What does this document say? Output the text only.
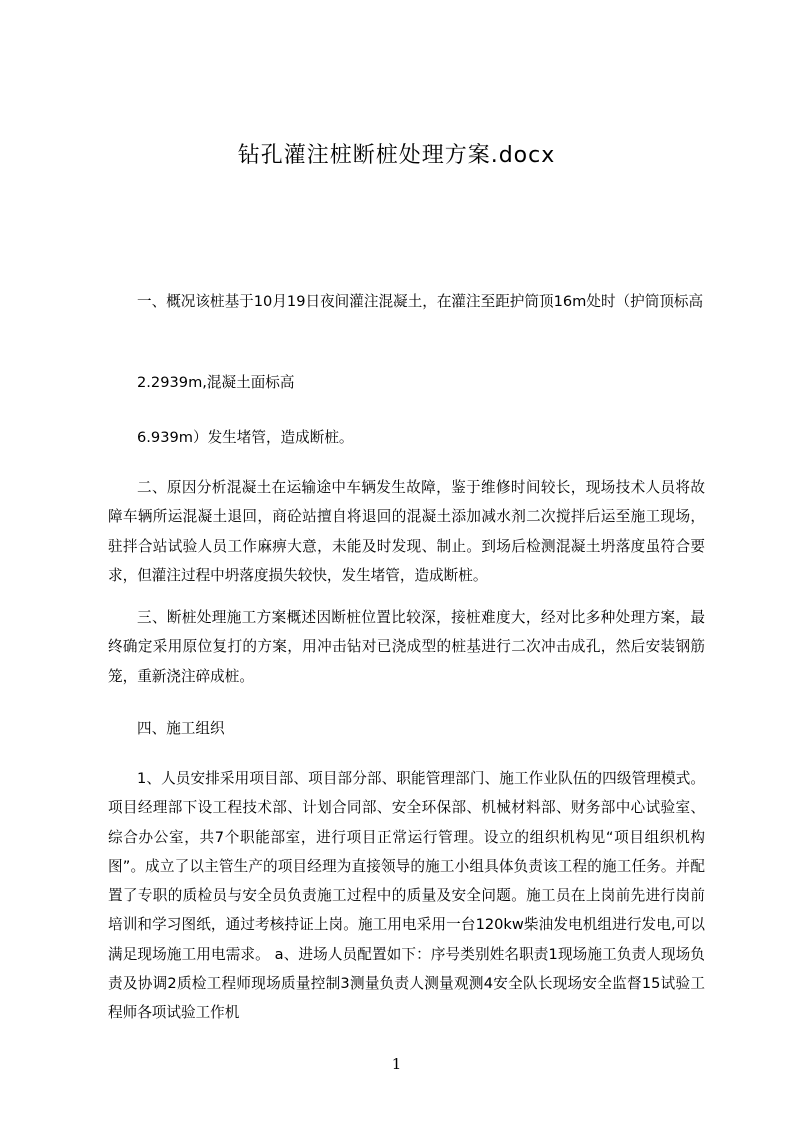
钻孔灌注桩断桩处理方案.docx
一、概况该桩基于10月19日夜间灌注混凝土，在灌注至距护筒顶16m处时（护筒顶标高
2.2939m,混凝土面标高
6.939m）发生堵管，造成断桩。
二、原因分析混凝土在运输途中车辆发生故障，鉴于维修时间较长，现场技术人员将故障车辆所运混凝土退回，商砼站擅自将退回的混凝土添加减水剂二次搅拌后运至施工现场，驻拌合站试验人员工作麻痹大意，未能及时发现、制止。到场后检测混凝土坍落度虽符合要求，但灌注过程中坍落度损失较快，发生堵管，造成断桩。
三、断桩处理施工方案概述因断桩位置比较深，接桩难度大，经对比多种处理方案，最终确定采用原位复打的方案，用冲击钻对已浇成型的桩基进行二次冲击成孔，然后安装钢筋笼，重新浇注碎成桩。
四、施工组织
1、人员安排采用项目部、项目部分部、职能管理部门、施工作业队伍的四级管理模式。项目经理部下设工程技术部、计划合同部、安全环保部、机械材料部、财务部中心试验室、综合办公室，共7个职能部室，进行项目正常运行管理。设立的组织机构见“项目组织机构图”。成立了以主管生产的项目经理为直接领导的施工小组具体负责该工程的施工任务。并配置了专职的质检员与安全员负责施工过程中的质量及安全问题。施工员在上岗前先进行岗前培训和学习图纸，通过考核持证上岗。施工用电采用一台120kw柴油发电机组进行发电,可以满足现场施工用电需求。 a、进场人员配置如下：序号类别姓名职责1现场施工负责人现场负责及协调2质检工程师现场质量控制3测量负责人测量观测4安全队长现场安全监督15试验工程师各项试验工作机
1
